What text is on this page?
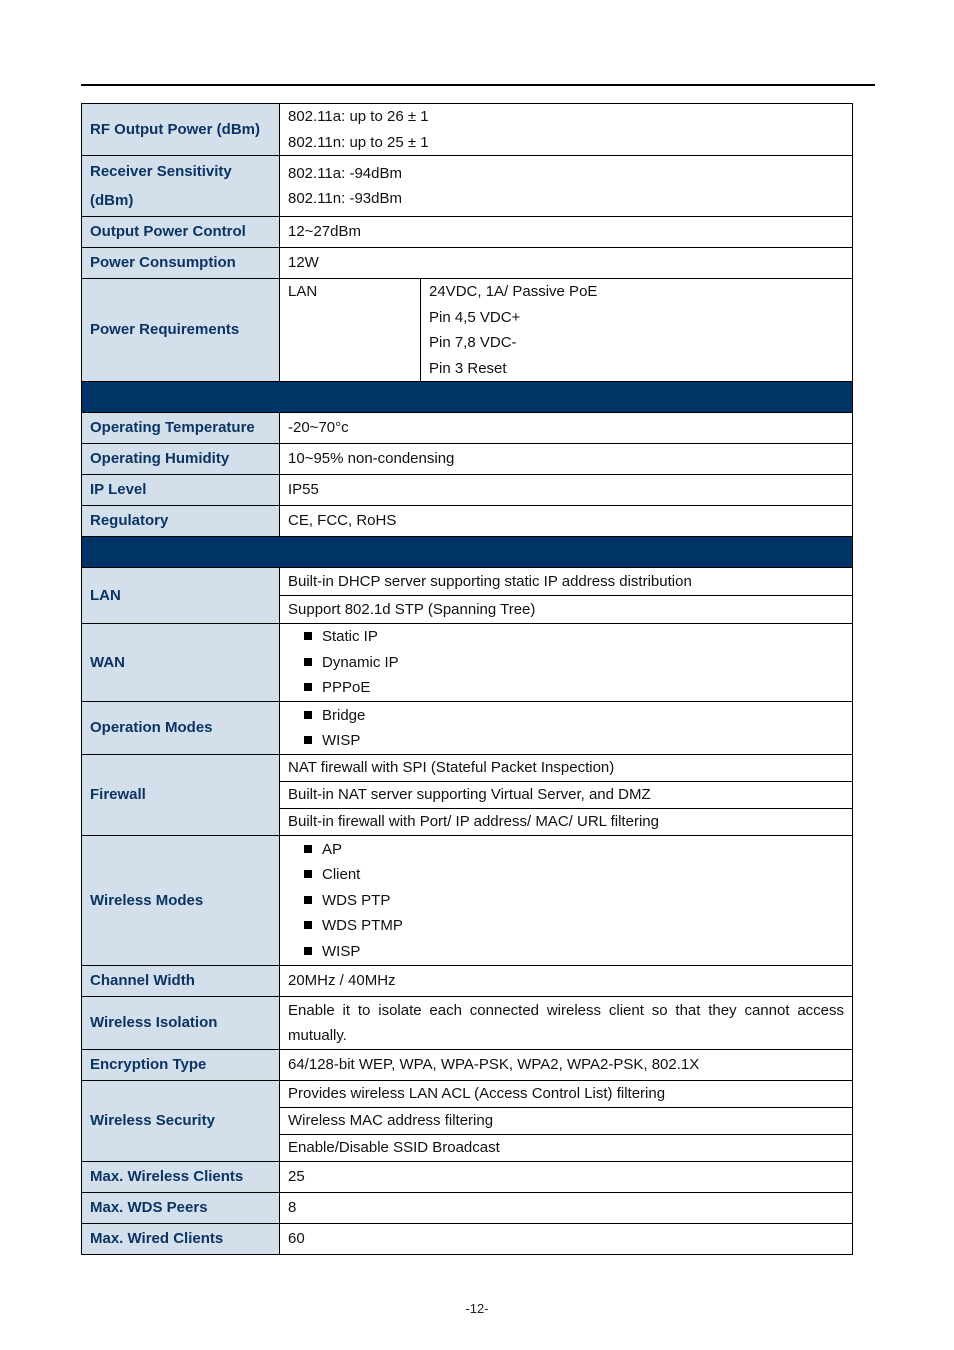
RF Output Power (dBm)	802.11a: up to 26 ± 1
802.11n: up to 25 ± 1	

Receiver Sensitivity
(dBm)	802.11a: -94dBm
802.11n: -93dBm	

Output Power Control	12~27dBm	
Power Consumption	12W	
Power Requirements	LAN	24VDC, 1A/ Passive PoE
Pin 4,5 VDC+
Pin 7,8 VDC-
Pin 3 Reset

Operating Temperature	-20~70°c	
Operating Humidity	10~95% non-condensing	
IP Level	IP55	
Regulatory	CE, FCC, RoHS	

LAN	Built-in DHCP server supporting static IP address distribution	
	Support 802.1d STP (Spanning Tree)	
WAN	Static IP
Dynamic IP
PPPoE	

Operation Modes	Bridge
WISP	

Firewall	NAT firewall with SPI (Stateful Packet Inspection)	
	Built-in NAT server supporting Virtual Server, and DMZ	
	Built-in firewall with Port/ IP address/ MAC/ URL filtering	
Wireless Modes	AP
Client
WDS PTP
WDS PTMP
WISP	

Channel Width	20MHz / 40MHz	
Wireless Isolation	Enable it to isolate each connected wireless client so that they cannot access mutually.	
Encryption Type	64/128-bit WEP, WPA, WPA-PSK, WPA2, WPA2-PSK, 802.1X	
Wireless Security	Provides wireless LAN ACL (Access Control List) filtering	
	Wireless MAC address filtering	
	Enable/Disable SSID Broadcast	
Max. Wireless Clients	25	
Max. WDS Peers	8	
Max. Wired Clients	60	
-12-
